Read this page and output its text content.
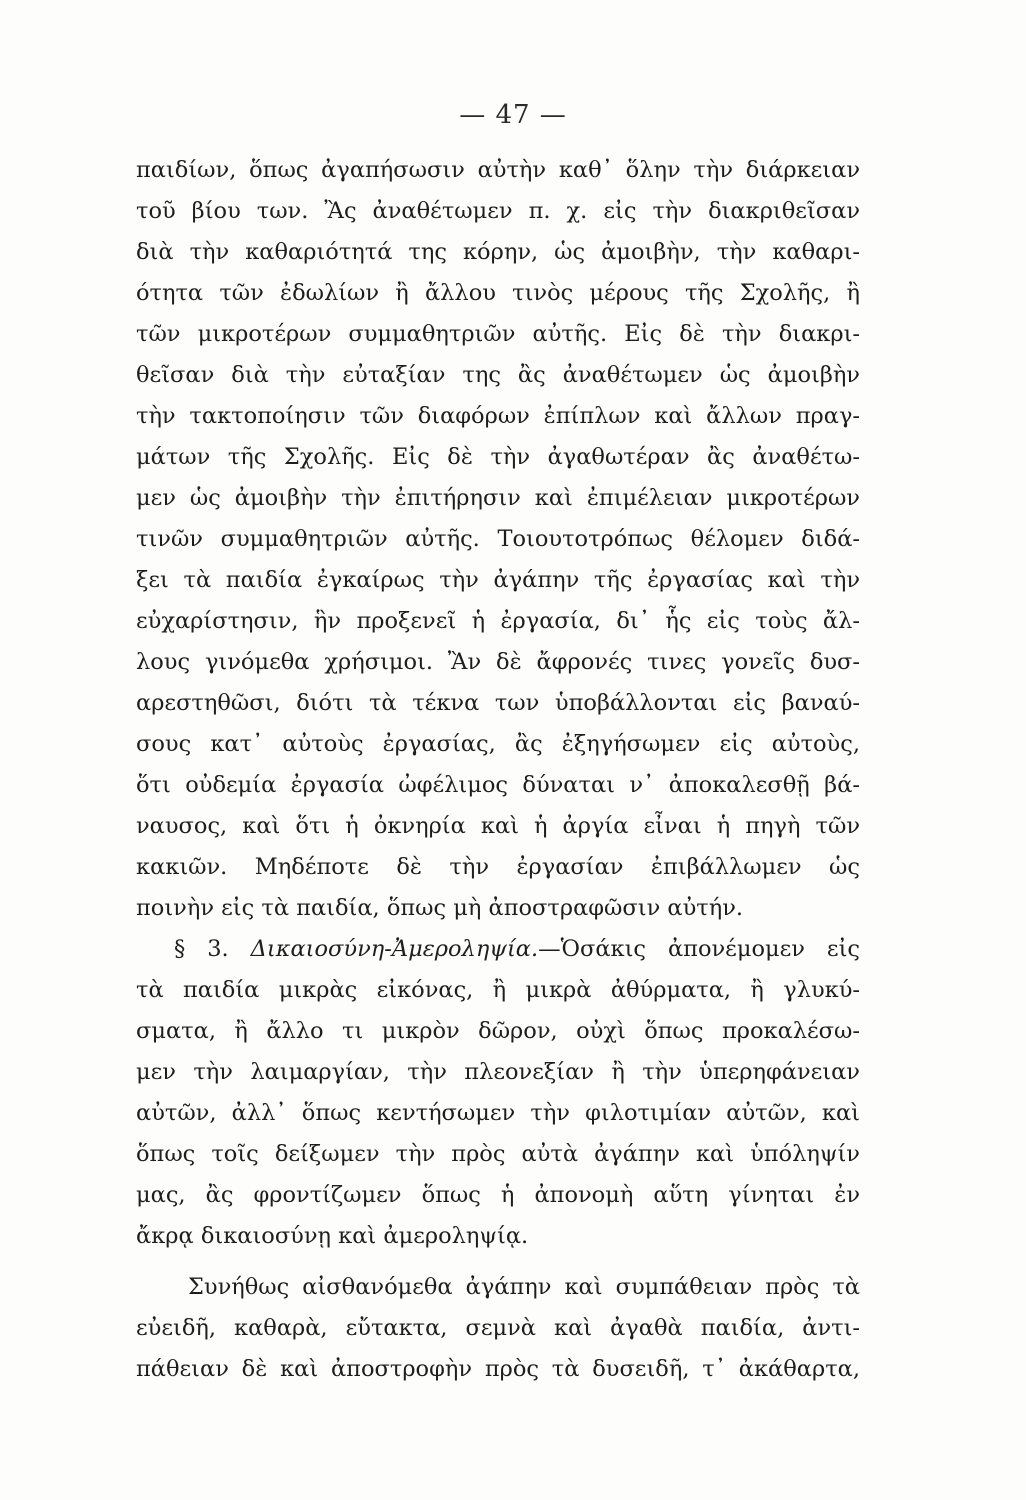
— 47 —
παιδίων, ὅπως ἀγαπήσωσιν αὐτὴν καθ᾽ ὅλην τὴν διάρκειαν
τοῦ βίου των. Ἂς ἀναθέτωμεν π. χ. εἰς τὴν διακριθεῖσαν
διὰ τὴν καθαριότητά της κόρην, ὡς ἀμοιβὴν, τὴν καθαρι-
ότητα τῶν ἐδωλίων ἢ ἄλλου τινὸς μέρους τῆς Σχολῆς, ἢ
τῶν μικροτέρων συμμαθητριῶν αὐτῆς. Εἰς δὲ τὴν διακρι-
θεῖσαν διὰ τὴν εὐταξίαν της ἂς ἀναθέτωμεν ὡς ἀμοιβὴν
τὴν τακτοποίησιν τῶν διαφόρων ἐπίπλων καὶ ἄλλων πραγ-
μάτων τῆς Σχολῆς. Εἰς δὲ τὴν ἀγαθωτέραν ἂς ἀναθέτω-
μεν ὡς ἀμοιβὴν τὴν ἐπιτήρησιν καὶ ἐπιμέλειαν μικροτέρων
τινῶν συμμαθητριῶν αὐτῆς. Τοιουτοτρόπως θέλομεν διδά-
ξει τὰ παιδία ἐγκαίρως τὴν ἀγάπην τῆς ἐργασίας καὶ τὴν
εὐχαρίστησιν, ἣν προξενεῖ ἡ ἐργασία, δι᾽ ἧς εἰς τοὺς ἄλ-
λους γινόμεθα χρήσιμοι. Ἂν δὲ ἄφρονές τινες γονεῖς δυσ-
αρεστηθῶσι, διότι τὰ τέκνα των ὑποβάλλονται εἰς βαναύ-
σους κατ᾽ αὐτοὺς ἐργασίας, ἂς ἐξηγήσωμεν εἰς αὐτοὺς,
ὅτι οὐδεμία ἐργασία ὠφέλιμος δύναται ν᾽ ἀποκαλεσθῇ βά-
ναυσος, καὶ ὅτι ἡ ὀκνηρία καὶ ἡ ἀργία εἶναι ἡ πηγὴ τῶν
κακιῶν. Μηδέποτε δὲ τὴν ἐργασίαν ἐπιβάλλωμεν ὡς
ποινὴν εἰς τὰ παιδία, ὅπως μὴ ἀποστραφῶσιν αὐτήν.
§ 3. Δικαιοσύνη-Ἀμεροληψία.—Ὁσάκις ἀπονέμομεν εἰς
τὰ παιδία μικρὰς εἰκόνας, ἢ μικρὰ ἀθύρματα, ἢ γλυκύ-
σματα, ἢ ἄλλο τι μικρὸν δῶρον, οὐχὶ ὅπως προκαλέσω-
μεν τὴν λαιμαργίαν, τὴν πλεονεξίαν ἢ τὴν ὑπερηφάνειαν
αὐτῶν, ἀλλ᾽ ὅπως κεντήσωμεν τὴν φιλοτιμίαν αὐτῶν, καὶ
ὅπως τοῖς δείξωμεν τὴν πρὸς αὐτὰ ἀγάπην καὶ ὑπόληψίν
μας, ἂς φροντίζωμεν ὅπως ἡ ἀπονομὴ αὕτη γίνηται ἐν
ἄκρᾳ δικαιοσύνῃ καὶ ἀμεροληψίᾳ.
Συνήθως αἰσθανόμεθα ἀγάπην καὶ συμπάθειαν πρὸς τὰ
εὐειδῆ, καθαρὰ, εὔτακτα, σεμνὰ καὶ ἀγαθὰ παιδία, ἀντι-
πάθειαν δὲ καὶ ἀποστροφὴν πρὸς τὰ δυσειδῆ, τ᾽ ἀκάθαρτα,
